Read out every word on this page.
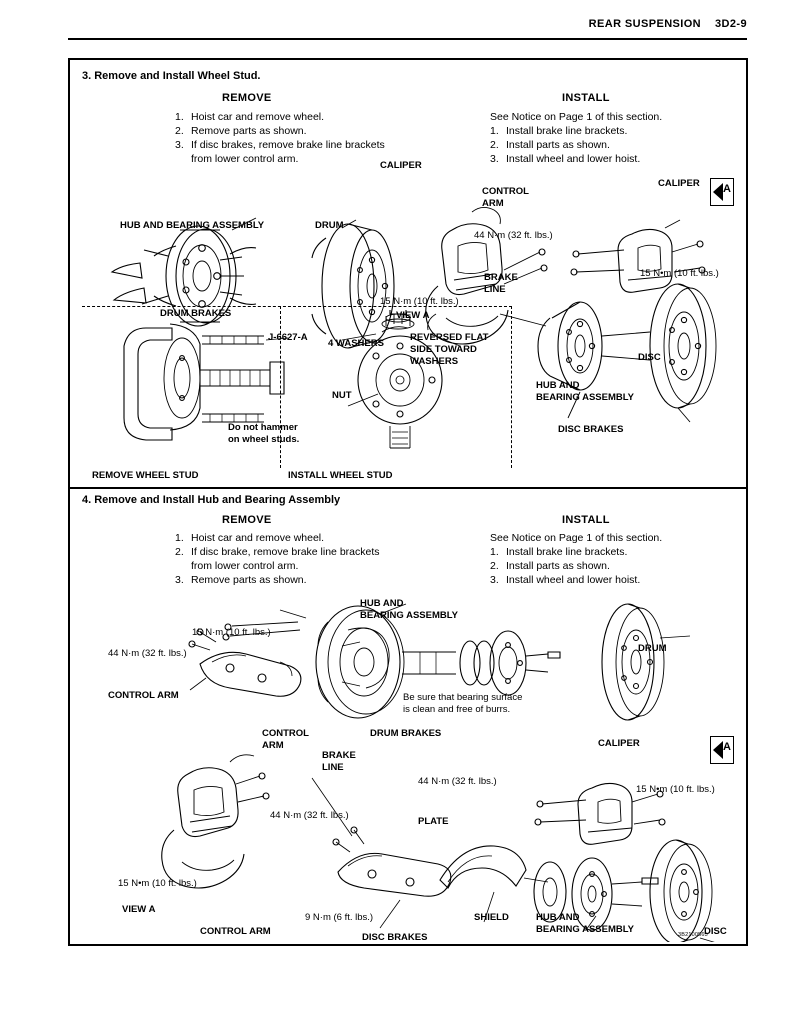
REAR SUSPENSION 3D2-9
3. Remove and Install Wheel Stud.
REMOVE	INSTALL
1. Hoist car and remove wheel.
2. Remove parts as shown.
3. If disc brakes, remove brake line brackets
from lower control arm.
See Notice on Page 1 of this section.
1. Install brake line brackets.
2. Install parts as shown.
3. Install wheel and lower hoist.
HUB AND BEARING ASSEMBLY	DRUM
CALIPER
CONTROL
ARM
CALIPER
44 N·m (32 ft. lbs.)
15 N•m (10 ft. lbs.)
BRAKE
LINE
15 N·m (10 ft. lbs.)
VIEW A
DRUM BRAKES
DISC
HUB AND
BEARING ASSEMBLY
DISC BRAKES
A
J-6627-A
4 WASHERS
NUT
REVERSED FLAT
SIDE TOWARD
WASHERS
Do not hammer
on wheel studs.
REMOVE WHEEL STUD	INSTALL WHEEL STUD
4. Remove and Install Hub and Bearing Assembly
REMOVE	INSTALL
1. Hoist car and remove wheel.
2. If disc brake, remove brake line brackets
from lower control arm.
3. Remove parts as shown.
See Notice on Page 1 of this section.
1. Install brake line brackets.
2. Install parts as shown.
3. Install wheel and lower hoist.
HUB AND
BEARING ASSEMBLY
15 N·m (10 ft. lbs.)
44 N·m (32 ft. lbs.)
CONTROL ARM
DRUM
Be sure that bearing surface
is clean and free of burrs.
DRUM BRAKES
CONTROL
ARM
BRAKE
LINE
CALIPER
44 N·m (32 ft. lbs.)
15 N•m (10 ft. lbs.)
44 N·m (32 ft. lbs.)
PLATE
15 N•m (10 ft. lbs.)
VIEW A
CONTROL ARM
9 N·m (6 ft. lbs.)	SHIELD	HUB AND
BEARING ASSEMBLY	DISC
DISC BRAKES
A
3B2100565
